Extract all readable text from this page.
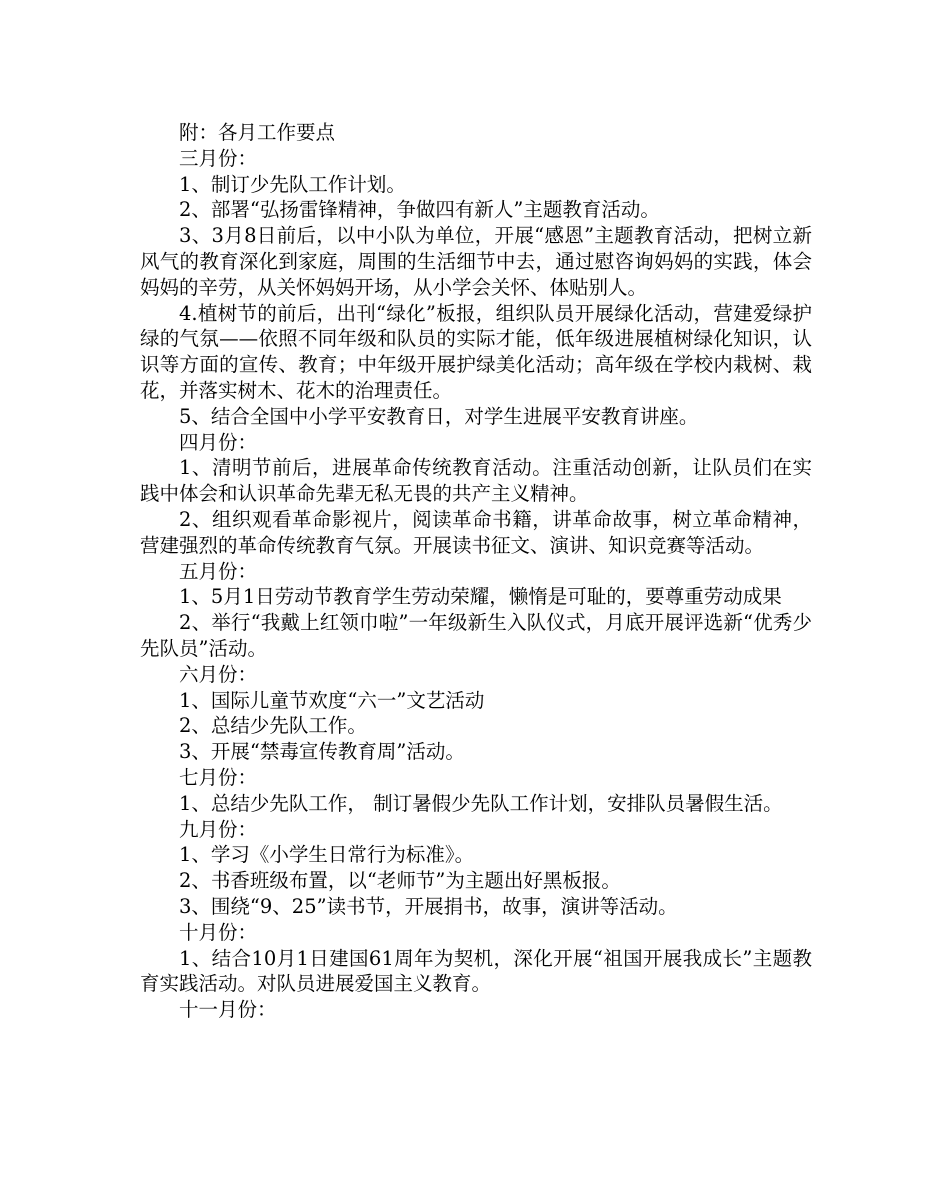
附：各月工作要点

三月份：

1、制订少先队工作计划。

2、部署“弘扬雷锋精神，争做四有新人”主题教育活动。

3、3月8日前后，以中小队为单位，开展“感恩”主题教育活动，把树立新风气的教育深化到家庭，周围的生活细节中去，通过慰咨询妈妈的实践，体会妈妈的辛劳，从关怀妈妈开场，从小学会关怀、体贴别人。

4.植树节的前后，出刊“绿化”板报，组织队员开展绿化活动，营建爱绿护绿的气氛——依照不同年级和队员的实际才能，低年级进展植树绿化知识，认识等方面的宣传、教育；中年级开展护绿美化活动；高年级在学校内栽树、栽花，并落实树木、花木的治理责任。

5、结合全国中小学平安教育日，对学生进展平安教育讲座。

四月份：

1、清明节前后，进展革命传统教育活动。注重活动创新，让队员们在实践中体会和认识革命先辈无私无畏的共产主义精神。

2、组织观看革命影视片，阅读革命书籍，讲革命故事，树立革命精神，营建强烈的革命传统教育气氛。开展读书征文、演讲、知识竞赛等活动。

五月份：

1、5月1日劳动节教育学生劳动荣耀，懒惰是可耻的，要尊重劳动成果

2、举行“我戴上红领巾啦”一年级新生入队仪式，月底开展评选新“优秀少先队员”活动。

六月份：

1、国际儿童节欢度“六一”文艺活动

2、总结少先队工作。

3、开展“禁毒宣传教育周”活动。

七月份：

1、总结少先队工作， 制订暑假少先队工作计划，安排队员暑假生活。

九月份：

1、学习《小学生日常行为标准》。

2、书香班级布置，以“老师节”为主题出好黑板报。

3、围绕“9、25”读书节，开展捐书，故事，演讲等活动。

十月份：

1、结合10月1日建国61周年为契机，深化开展“祖国开展我成长”主题教育实践活动。对队员进展爱国主义教育。

十一月份：
